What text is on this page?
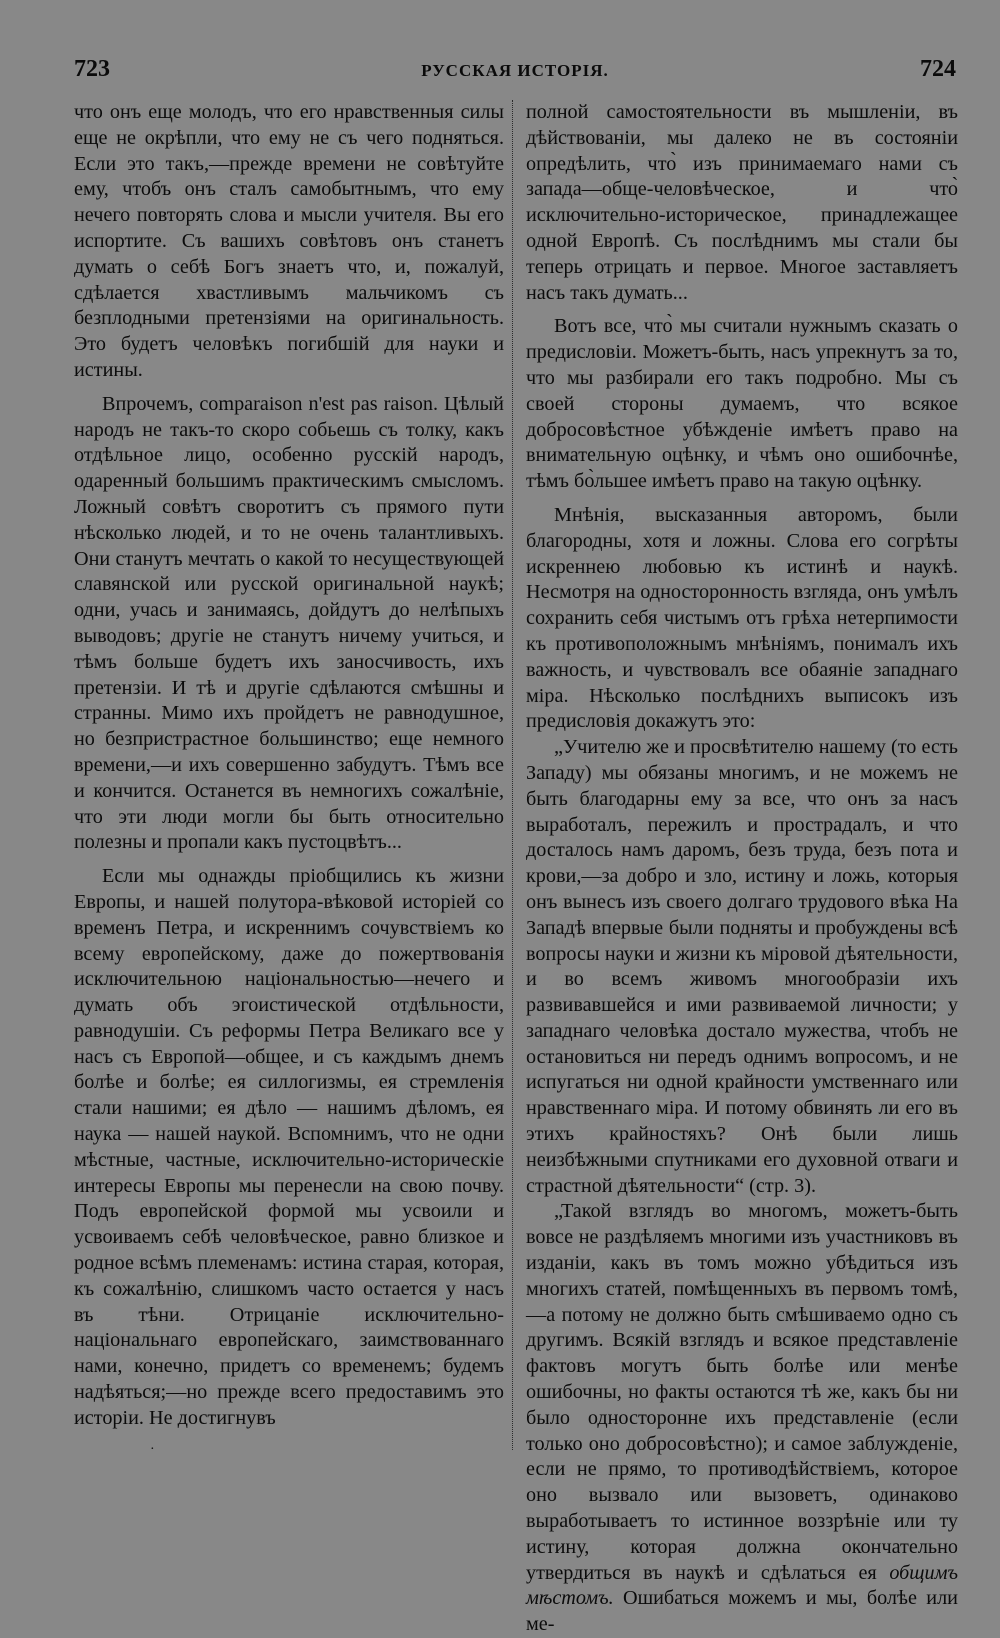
723	РУССКАЯ ИСТОРІЯ.	724

что онъ еще молодъ, что его нравственныя силы еще не окрѣпли, что ему не съ чего подняться. Если это такъ,—прежде времени не совѣтуйте ему, чтобъ онъ сталъ самобытнымъ, что ему нечего повторять слова и мысли учителя. Вы его испортите. Съ вашихъ совѣтовъ онъ станетъ думать о себѣ Богъ знаетъ что, и, пожалуй, сдѣлается хвастливымъ мальчикомъ съ безплодными претензіями на оригинальность. Это будетъ человѣкъ погибшій для науки и истины.

Впрочемъ, comparaison n'est pas raison. Цѣлый народъ не такъ-то скоро собьешь съ толку, какъ отдѣльное лицо, особенно русскій народъ, одаренный большимъ практическимъ смысломъ. Ложный совѣтъ своротитъ съ прямого пути нѣсколько людей, и то не очень талантливыхъ. Они станутъ мечтать о какой то несуществующей славянской или русской оригинальной наукѣ; одни, учась и занимаясь, дойдутъ до нелѣпыхъ выводовъ; другіе не станутъ ничему учиться, и тѣмъ больше будетъ ихъ заносчивость, ихъ претензіи. И тѣ и другіе сдѣлаются смѣшны и странны. Мимо ихъ пройдетъ не равнодушное, но безпристрастное большинство; еще немного времени,—и ихъ совершенно забудутъ. Тѣмъ все и кончится. Останется въ немногихъ сожалѣніе, что эти люди могли бы быть относительно полезны и пропали какъ пустоцвѣтъ...

Если мы однажды пріобщились къ жизни Европы, и нашей полутора-вѣковой исторіей со временъ Петра, и искреннимъ сочувствіемъ ко всему европейскому, даже до пожертвованія исключительною національностью—нечего и думать объ эгоистической отдѣльности, равнодушіи. Съ реформы Петра Великаго все у насъ съ Европой—общее, и съ каждымъ днемъ болѣе и болѣе; ея силлогизмы, ея стремленія стали нашими; ея дѣло — нашимъ дѣломъ, ея наука — нашей наукой. Вспомнимъ, что не одни мѣстные, частные, исключительно-историческіе интересы Европы мы перенесли на свою почву. Подъ европейской формой мы усвоили и усвоиваемъ себѣ человѣческое, равно близкое и родное всѣмъ племенамъ: истина старая, которая, къ сожалѣнію, слишкомъ часто остается у насъ въ тѣни. Отрицаніе исключительно-національнаго европейскаго, заимствованнаго нами, конечно, придетъ со временемъ; будемъ надѣяться;—но прежде всего предоставимъ это исторіи. Не достигнувъ

полной самостоятельности въ мышленіи, въ дѣйствованіи, мы далеко не въ состояніи опредѣлить, что̀ изъ принимаемаго нами съ запада—обще-человѣческое, и что̀ исключительно-историческое, принадлежащее одной Европѣ. Съ послѣднимъ мы стали бы теперь отрицать и первое. Многое заставляетъ насъ такъ думать...

Вотъ все, что̀ мы считали нужнымъ сказать о предисловіи. Можетъ-быть, насъ упрекнутъ за то, что мы разбирали его такъ подробно. Мы съ своей стороны думаемъ, что всякое добросовѣстное убѣжденіе имѣетъ право на внимательную оцѣнку, и чѣмъ оно ошибочнѣе, тѣмъ бо̀льшее имѣетъ право на такую оцѣнку.

Мнѣнія, высказанныя авторомъ, были благородны, хотя и ложны. Слова его согрѣты искреннею любовью къ истинѣ и наукѣ. Несмотря на односторонность взгляда, онъ умѣлъ сохранить себя чистымъ отъ грѣха нетерпимости къ противоположнымъ мнѣніямъ, понималъ ихъ важность, и чувствовалъ все обаяніе западнаго міра. Нѣсколько послѣднихъ выписокъ изъ предисловія докажутъ это:

„Учителю же и просвѣтителю нашему (то есть Западу) мы обязаны многимъ, и не можемъ не быть благодарны ему за все, что онъ за насъ выработалъ, пережилъ и прострадалъ, и что досталось намъ даромъ, безъ труда, безъ пота и крови,—за добро и зло, истину и ложь, которыя онъ вынесъ изъ своего долгаго трудового вѣка На Западѣ впервые были подняты и пробуждены всѣ вопросы науки и жизни къ міровой дѣятельности, и во всемъ живомъ многообразіи ихъ развивавшейся и ими развиваемой личности; у западнаго человѣка достало мужества, чтобъ не остановиться ни передъ однимъ вопросомъ, и не испугаться ни одной крайности умственнаго или нравственнаго міра. И потому обвинять ли его въ этихъ крайностяхъ? Онѣ были лишь неизбѣжными спутниками его духовной отваги и страстной дѣятельности“ (стр. 3).

„Такой взглядъ во многомъ, можетъ-быть вовсе не раздѣляемъ многими изъ участниковъ въ изданіи, какъ въ томъ можно убѣдиться изъ многихъ статей, помѣщенныхъ въ первомъ томѣ,—а потому не должно быть смѣшиваемо одно съ другимъ. Всякій взглядъ и всякое представленіе фактовъ могутъ быть болѣе или менѣе ошибочны, но факты остаются тѣ же, какъ бы ни было односторонне ихъ представленіе (если только оно добросовѣстно); и самое заблужденіе, если не прямо, то противодѣйствіемъ, которое оно вызвало или вызоветъ, одинаково выработываетъ то истинное воззрѣніе или ту истину, которая должна окончательно утвердиться въ наукѣ и сдѣлаться ея общимъ мѣстомъ. Ошибаться можемъ и мы, болѣе или ме-

·
